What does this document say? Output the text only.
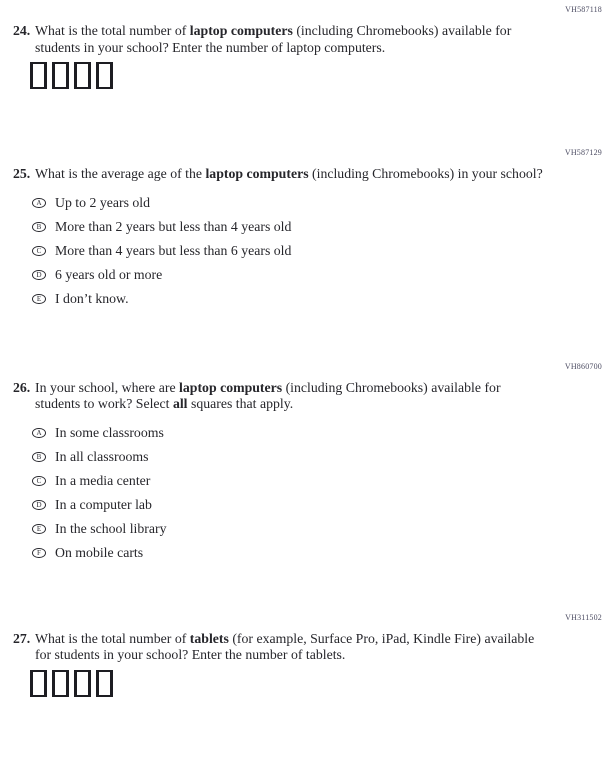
VH587118
24. What is the total number of laptop computers (including Chromebooks) available for students in your school? Enter the number of laptop computers.
VH587129
25. What is the average age of the laptop computers (including Chromebooks) in your school?
A Up to 2 years old
B More than 2 years but less than 4 years old
C More than 4 years but less than 6 years old
D 6 years old or more
E I don’t know.
VH860700
26. In your school, where are laptop computers (including Chromebooks) available for students to work? Select all squares that apply.
A In some classrooms
B In all classrooms
C In a media center
D In a computer lab
E In the school library
F On mobile carts
VH311502
27. What is the total number of tablets (for example, Surface Pro, iPad, Kindle Fire) available for students in your school? Enter the number of tablets.
